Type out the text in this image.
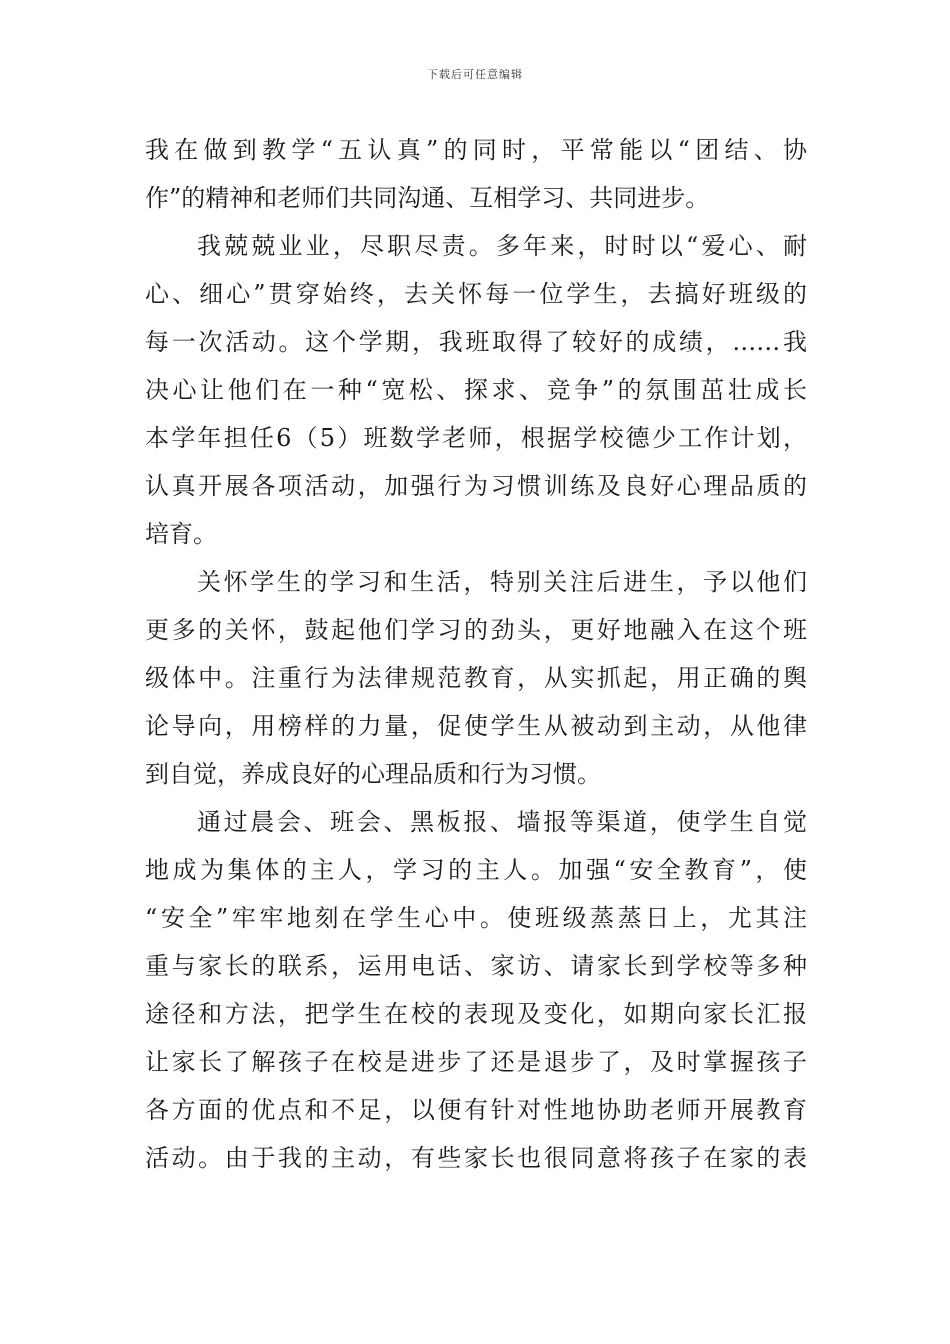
下载后可任意编辑
我在做到教学“五认真”的同时，平常能以“团结、协
作”的精神和老师们共同沟通、互相学习、共同进步。
我兢兢业业，尽职尽责。多年来，时时以“爱心、耐
心、细心”贯穿始终，去关怀每一位学生，去搞好班级的
每一次活动。这个学期，我班取得了较好的成绩，……我
决心让他们在一种“宽松、探求、竞争”的氛围茁壮成长
本学年担任6（5）班数学老师，根据学校德少工作计划，
认真开展各项活动，加强行为习惯训练及良好心理品质的
培育。
关怀学生的学习和生活，特别关注后进生，予以他们
更多的关怀，鼓起他们学习的劲头，更好地融入在这个班
级体中。注重行为法律规范教育，从实抓起，用正确的舆
论导向，用榜样的力量，促使学生从被动到主动，从他律
到自觉，养成良好的心理品质和行为习惯。
通过晨会、班会、黑板报、墙报等渠道，使学生自觉
地成为集体的主人，学习的主人。加强“安全教育”，使
“安全”牢牢地刻在学生心中。使班级蒸蒸日上，尤其注
重与家长的联系，运用电话、家访、请家长到学校等多种
途径和方法，把学生在校的表现及变化，如期向家长汇报
让家长了解孩子在校是进步了还是退步了，及时掌握孩子
各方面的优点和不足，以便有针对性地协助老师开展教育
活动。由于我的主动，有些家长也很同意将孩子在家的表
